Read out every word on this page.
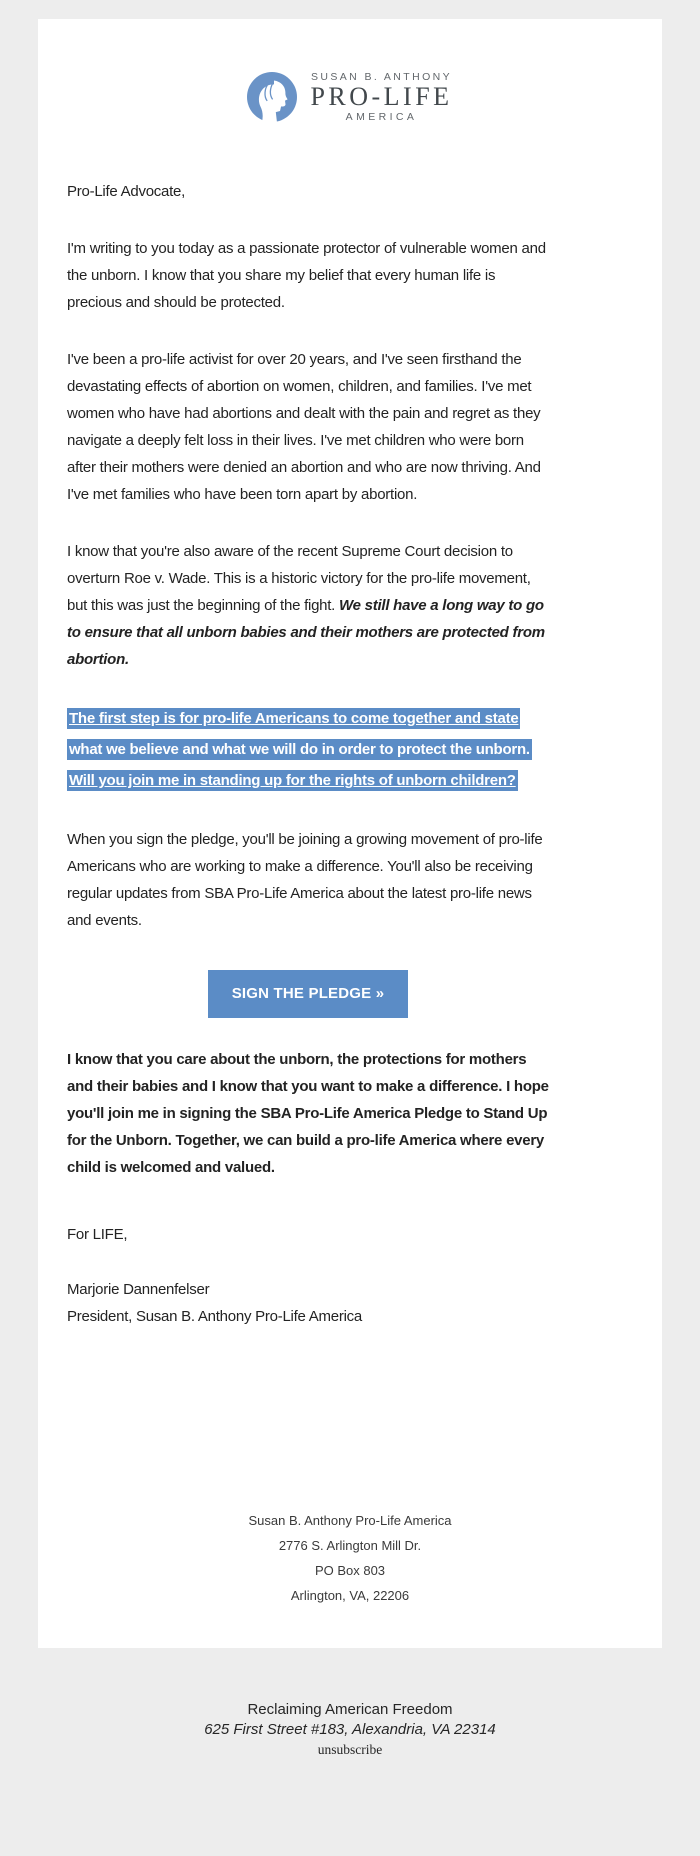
SUSAN B. ANTHONY
PRO-LIFE
AMERICA

Pro-Life Advocate,

I'm writing to you today as a passionate protector of vulnerable women and the unborn. I know that you share my belief that every human life is precious and should be protected.

I've been a pro-life activist for over 20 years, and I've seen firsthand the devastating effects of abortion on women, children, and families. I've met women who have had abortions and dealt with the pain and regret as they navigate a deeply felt loss in their lives. I've met children who were born after their mothers were denied an abortion and who are now thriving. And I've met families who have been torn apart by abortion.

I know that you're also aware of the recent Supreme Court decision to overturn Roe v. Wade. This is a historic victory for the pro-life movement, but this was just the beginning of the fight. We still have a long way to go to ensure that all unborn babies and their mothers are protected from abortion.

The first step is for pro-life Americans to come together and state what we believe and what we will do in order to protect the unborn. Will you join me in standing up for the rights of unborn children?

When you sign the pledge, you'll be joining a growing movement of pro-life Americans who are working to make a difference. You'll also be receiving regular updates from SBA Pro-Life America about the latest pro-life news and events.

SIGN THE PLEDGE »

I know that you care about the unborn, the protections for mothers and their babies and I know that you want to make a difference. I hope you'll join me in signing the SBA Pro-Life America Pledge to Stand Up for the Unborn. Together, we can build a pro-life America where every child is welcomed and valued.

For LIFE,

Marjorie Dannenfelser

President, Susan B. Anthony Pro-Life America

Susan B. Anthony Pro-Life America
2776 S. Arlington Mill Dr.
PO Box 803
Arlington, VA, 22206
Reclaiming American Freedom
625 First Street #183, Alexandria, VA 22314
unsubscribe
